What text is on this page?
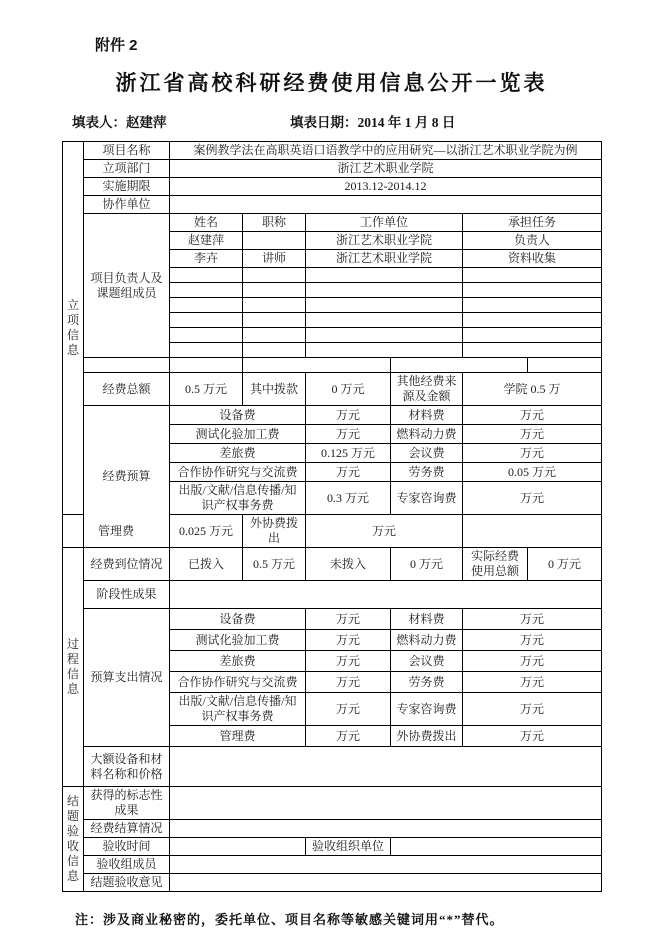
附件 2
浙江省高校科研经费使用信息公开一览表
填表人：赵建萍	填表日期：2014 年 1 月 8 日
立项信息	项目名称	案例教学法在高职英语口语教学中的应用研究—以浙江艺术职业学院为例					
	立项部门	浙江艺术职业学院					
	实施期限	2013.12-2014.12					
	协作单位						
	项目负责人及课题组成员	姓名	职称	工作单位		承担任务	
		赵建萍		浙江艺术职业学院		负责人	
		李卉	讲师	浙江艺术职业学院		资料收集	

	经费总额	0.5 万元	其中拨款	0 万元	其他经费来源及金额	学院 0.5 万	
	经费预算	设备费		万元	材料费	万元	
		测试化验加工费		万元	燃料动力费	万元	
		差旅费		0.125 万元	会议费	万元	
		合作协作研究与交流费		万元	劳务费	0.05 万元	
		出版/文献/信息传播/知识产权事务费		0.3 万元	专家咨询费	万元	
管理费		0.025 万元	外协费拨出	万元			
过程信息	经费到位情况	已拨入	0.5 万元	未拨入	0 万元	实际经费使用总额	0 万元
	阶段性成果						
	预算支出情况	设备费		万元	材料费	万元	
		测试化验加工费		万元	燃料动力费	万元	
		差旅费		万元	会议费	万元	
		合作协作研究与交流费		万元	劳务费	万元	
		出版/文献/信息传播/知识产权事务费		万元	专家咨询费	万元	
		管理费		万元	外协费拨出	万元	
	大额设备和材料名称和价格						
结题验收信息	获得的标志性成果						
	经费结算情况						
	验收时间			验收组织单位			
	验收组成员						
	结题验收意见						
注：涉及商业秘密的，委托单位、项目名称等敏感关键词用“*”替代。
